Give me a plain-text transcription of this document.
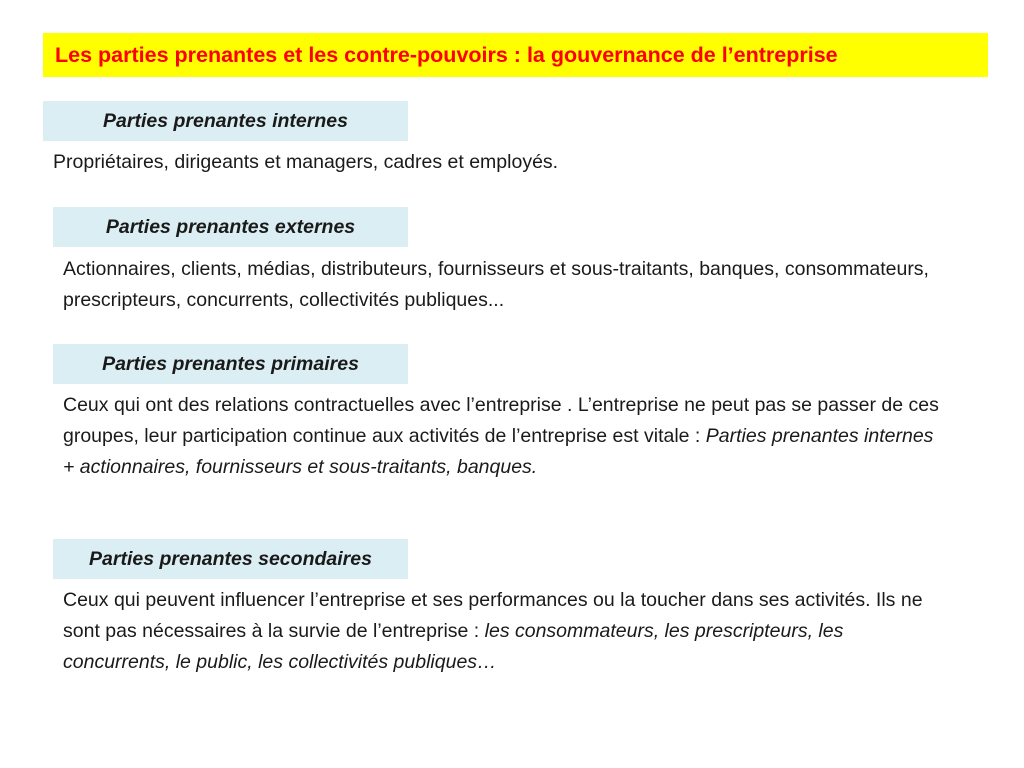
Les parties prenantes et les contre-pouvoirs : la gouvernance de l’entreprise
Parties prenantes internes
Propriétaires, dirigeants et managers, cadres et employés.
Parties prenantes externes
Actionnaires, clients, médias, distributeurs, fournisseurs et sous-traitants, banques, consommateurs, prescripteurs, concurrents, collectivités publiques...
Parties prenantes primaires
Ceux qui ont des relations contractuelles avec l’entreprise . L’entreprise ne peut pas se passer de ces groupes, leur participation continue aux activités de l’entreprise est vitale : Parties prenantes internes + actionnaires, fournisseurs et sous-traitants, banques.
Parties prenantes secondaires
Ceux qui peuvent influencer l’entreprise et ses performances ou la toucher dans ses activités. Ils ne sont pas nécessaires à la survie de l’entreprise : les consommateurs, les prescripteurs, les concurrents, le public, les collectivités publiques…
